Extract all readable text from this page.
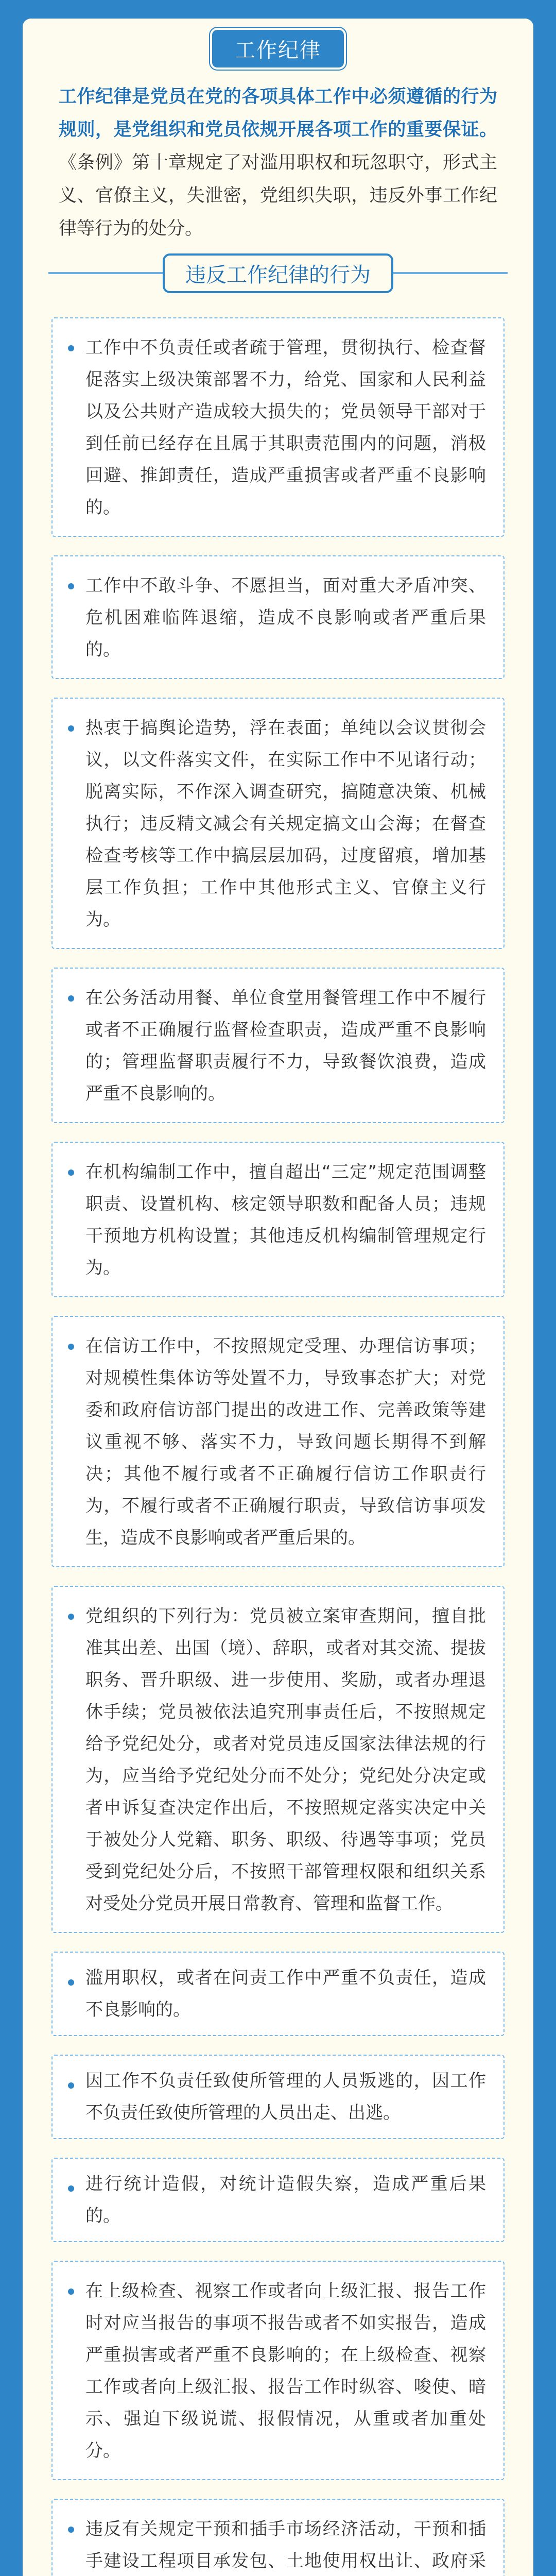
工作纪律
工作纪律是党员在党的各项具体工作中必须遵循的行为规则，是党组织和党员依规开展各项工作的重要保证。《条例》第十章规定了对滥用职权和玩忽职守，形式主义、官僚主义，失泄密，党组织失职，违反外事工作纪律等行为的处分。
违反工作纪律的行为
工作中不负责任或者疏于管理，贯彻执行、检查督促落实上级决策部署不力，给党、国家和人民利益以及公共财产造成较大损失的；党员领导干部对于到任前已经存在且属于其职责范围内的问题，消极回避、推卸责任，造成严重损害或者严重不良影响的。
工作中不敢斗争、不愿担当，面对重大矛盾冲突、危机困难临阵退缩，造成不良影响或者严重后果的。
热衷于搞舆论造势，浮在表面；单纯以会议贯彻会议，以文件落实文件，在实际工作中不见诸行动；脱离实际，不作深入调查研究，搞随意决策、机械执行；违反精文减会有关规定搞文山会海；在督查检查考核等工作中搞层层加码，过度留痕，增加基层工作负担；工作中其他形式主义、官僚主义行为。
在公务活动用餐、单位食堂用餐管理工作中不履行或者不正确履行监督检查职责，造成严重不良影响的；管理监督职责履行不力，导致餐饮浪费，造成严重不良影响的。
在机构编制工作中，擅自超出“三定”规定范围调整职责、设置机构、核定领导职数和配备人员；违规干预地方机构设置；其他违反机构编制管理规定行为。
在信访工作中，不按照规定受理、办理信访事项；对规模性集体访等处置不力，导致事态扩大；对党委和政府信访部门提出的改进工作、完善政策等建议重视不够、落实不力，导致问题长期得不到解决；其他不履行或者不正确履行信访工作职责行为，不履行或者不正确履行职责，导致信访事项发生，造成不良影响或者严重后果的。
党组织的下列行为：党员被立案审查期间，擅自批准其出差、出国（境）、辞职，或者对其交流、提拔职务、晋升职级、进一步使用、奖励，或者办理退休手续；党员被依法追究刑事责任后，不按照规定给予党纪处分，或者对党员违反国家法律法规的行为，应当给予党纪处分而不处分；党纪处分决定或者申诉复查决定作出后，不按照规定落实决定中关于被处分人党籍、职务、职级、待遇等事项；党员受到党纪处分后，不按照干部管理权限和组织关系对受处分党员开展日常教育、管理和监督工作。
滥用职权，或者在问责工作中严重不负责任，造成不良影响的。
因工作不负责任致使所管理的人员叛逃的，因工作不负责任致使所管理的人员出走、出逃。
进行统计造假，对统计造假失察，造成严重后果的。
在上级检查、视察工作或者向上级汇报、报告工作时对应当报告的事项不报告或者不如实报告，造成严重损害或者严重不良影响的；在上级检查、视察工作或者向上级汇报、报告工作时纵容、唆使、暗示、强迫下级说谎、报假情况，从重或者加重处分。
违反有关规定干预和插手市场经济活动，干预和插手建设工程项目承发包、土地使用权出让、政府采
